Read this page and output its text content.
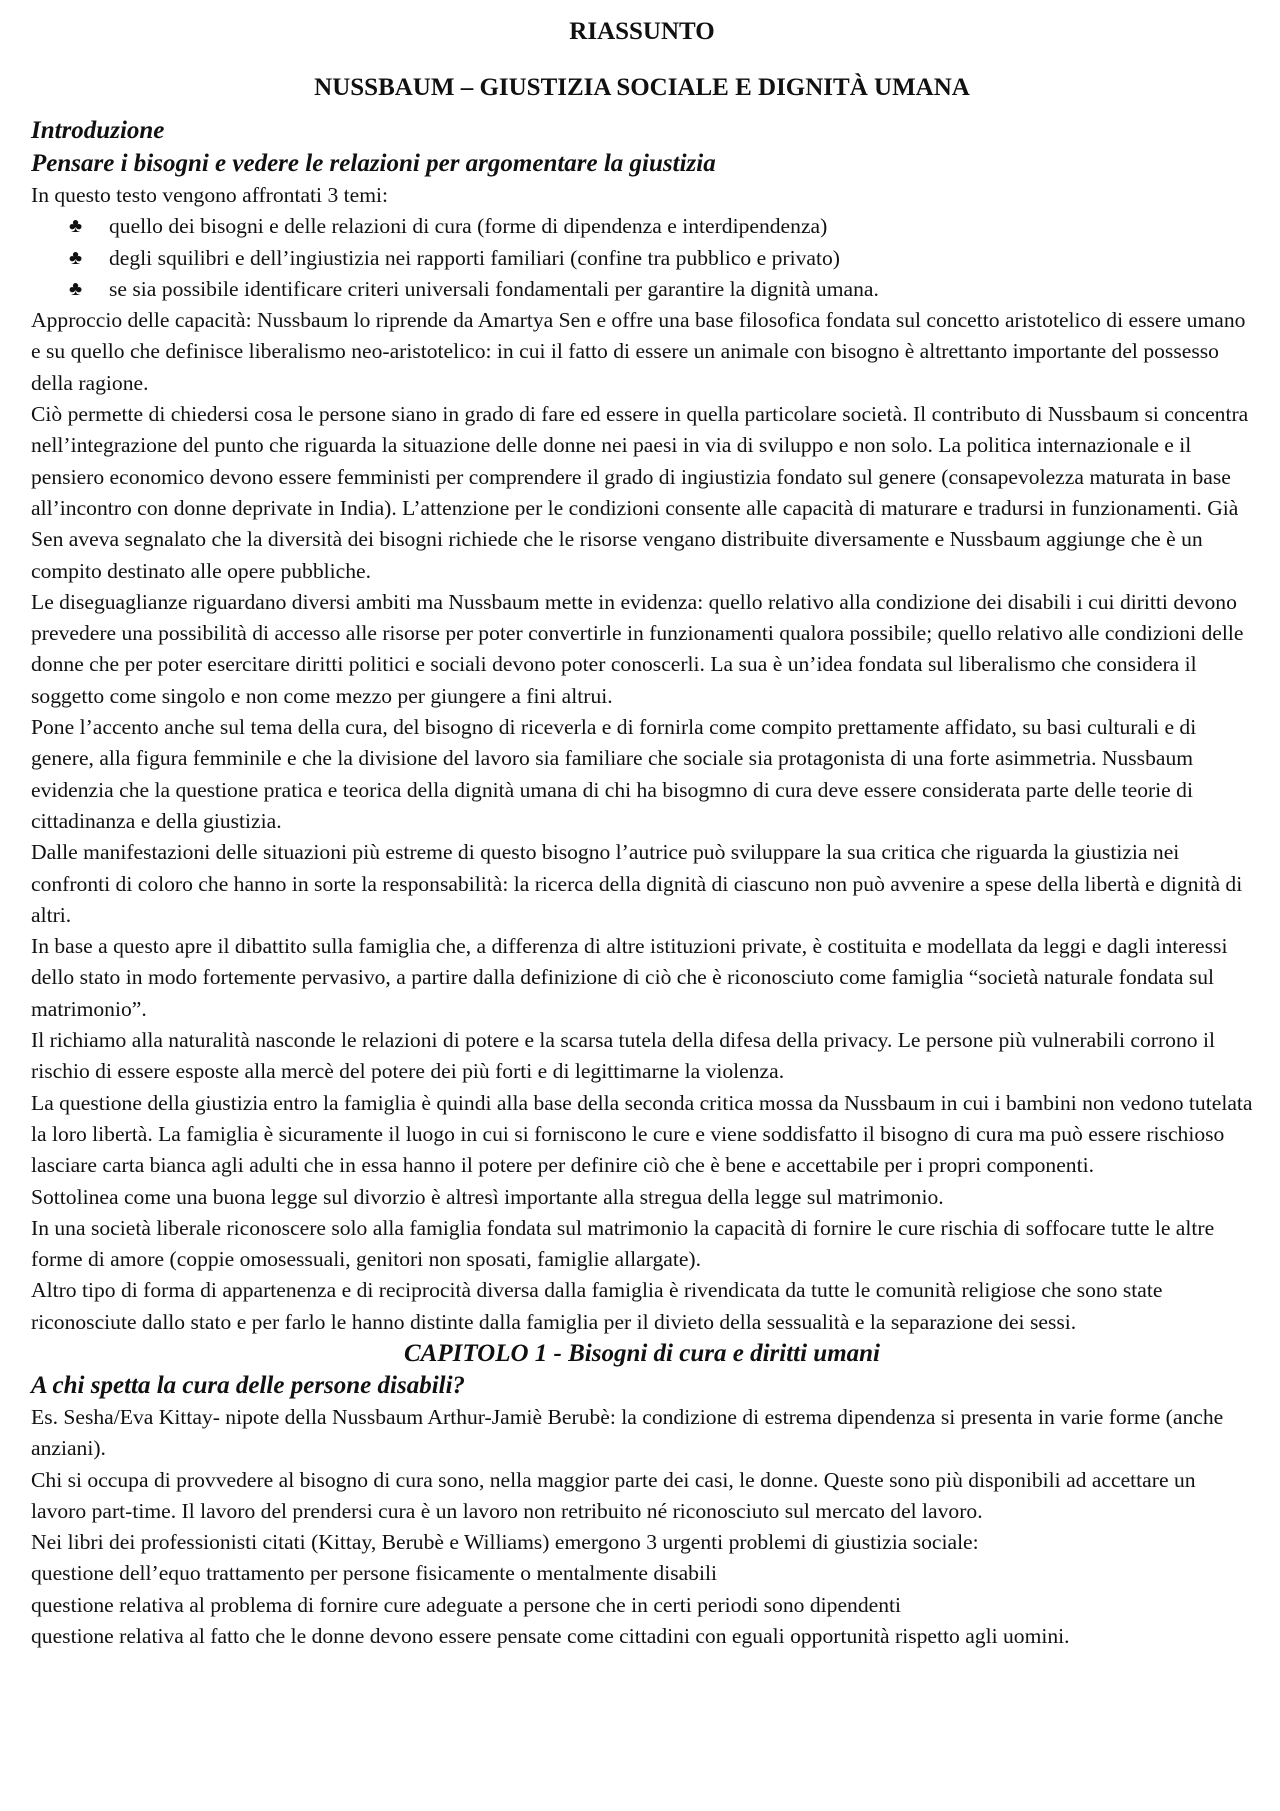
RIASSUNTO
NUSSBAUM – GIUSTIZIA SOCIALE E DIGNITÀ UMANA
Introduzione
Pensare i bisogni e vedere le relazioni per argomentare la giustizia

In questo testo vengono affrontati 3 temi:

♣ quello dei bisogni e delle relazioni di cura (forme di dipendenza e interdipendenza)
♣ degli squilibri e dell’ingiustizia nei rapporti familiari (confine tra pubblico e privato)
♣ se sia possibile identificare criteri universali fondamentali per garantire la dignità umana.

Approccio delle capacità: Nussbaum lo riprende da Amartya Sen e offre una base filosofica fondata sul concetto aristotelico di essere umano e su quello che definisce liberalismo neo-aristotelico: in cui il fatto di essere un animale con bisogno è altrettanto importante del possesso della ragione.

Ciò permette di chiedersi cosa le persone siano in grado di fare ed essere in quella particolare società. Il contributo di Nussbaum si concentra nell’integrazione del punto che riguarda la situazione delle donne nei paesi in via di sviluppo e non solo. La politica internazionale e il pensiero economico devono essere femministi per comprendere il grado di ingiustizia fondato sul genere (consapevolezza maturata in base all’incontro con donne deprivate in India). L’attenzione per le condizioni consente alle capacità di maturare e tradursi in funzionamenti. Già Sen aveva segnalato che la diversità dei bisogni richiede che le risorse vengano distribuite diversamente e Nussbaum aggiunge che è un compito destinato alle opere pubbliche.

Le diseguaglianze riguardano diversi ambiti ma Nussbaum mette in evidenza: quello relativo alla condizione dei disabili i cui diritti devono prevedere una possibilità di accesso alle risorse per poter convertirle in funzionamenti qualora possibile; quello relativo alle condizioni delle donne che per poter esercitare diritti politici e sociali devono poter conoscerli. La sua è un’idea fondata sul liberalismo che considera il soggetto come singolo e non come mezzo per giungere a fini altrui.

Pone l’accento anche sul tema della cura, del bisogno di riceverla e di fornirla come compito prettamente affidato, su basi culturali e di genere, alla figura femminile e che la divisione del lavoro sia familiare che sociale sia protagonista di una forte asimmetria. Nussbaum evidenzia che la questione pratica e teorica della dignità umana di chi ha bisogmno di cura deve essere considerata parte delle teorie di cittadinanza e della giustizia.

Dalle manifestazioni delle situazioni più estreme di questo bisogno l’autrice può sviluppare la sua critica che riguarda la giustizia nei confronti di coloro che hanno in sorte la responsabilità: la ricerca della dignità di ciascuno non può avvenire a spese della libertà e dignità di altri.

In base a questo apre il dibattito sulla famiglia che, a differenza di altre istituzioni private, è costituita e modellata da leggi e dagli interessi dello stato in modo fortemente pervasivo, a partire dalla definizione di ciò che è riconosciuto come famiglia “società naturale fondata sul matrimonio”.

Il richiamo alla naturalità nasconde le relazioni di potere e la scarsa tutela della difesa della privacy. Le persone più vulnerabili corrono il rischio di essere esposte alla mercè del potere dei più forti e di legittimarne la violenza.

La questione della giustizia entro la famiglia è quindi alla base della seconda critica mossa da Nussbaum in cui i bambini non vedono tutelata la loro libertà. La famiglia è sicuramente il luogo in cui si forniscono le cure e viene soddisfatto il bisogno di cura ma può essere rischioso lasciare carta bianca agli adulti che in essa hanno il potere per definire ciò che è bene e accettabile per i propri componenti.

Sottolinea come una buona legge sul divorzio è altresì importante alla stregua della legge sul matrimonio.

In una società liberale riconoscere solo alla famiglia fondata sul matrimonio la capacità di fornire le cure rischia di soffocare tutte le altre forme di amore (coppie omosessuali, genitori non sposati, famiglie allargate).

Altro tipo di forma di appartenenza e di reciprocità diversa dalla famiglia è rivendicata da tutte le comunità religiose che sono state riconosciute dallo stato e per farlo le hanno distinte dalla famiglia per il divieto della sessualità e la separazione dei sessi.

CAPITOLO 1 - Bisogni di cura e diritti umani
A chi spetta la cura delle persone disabili?

Es. Sesha/Eva Kittay- nipote della Nussbaum Arthur-Jamiè Berubè: la condizione di estrema dipendenza si presenta in varie forme (anche anziani).

Chi si occupa di provvedere al bisogno di cura sono, nella maggior parte dei casi, le donne. Queste sono più disponibili ad accettare un lavoro part-time. Il lavoro del prendersi cura è un lavoro non retribuito né riconosciuto sul mercato del lavoro.

Nei libri dei professionisti citati (Kittay, Berubè e Williams) emergono 3 urgenti problemi di giustizia sociale:

questione dell’equo trattamento per persone fisicamente o mentalmente disabili

questione relativa al problema di fornire cure adeguate a persone che in certi periodi sono dipendenti

questione relativa al fatto che le donne devono essere pensate come cittadini con eguali opportunità rispetto agli uomini.
